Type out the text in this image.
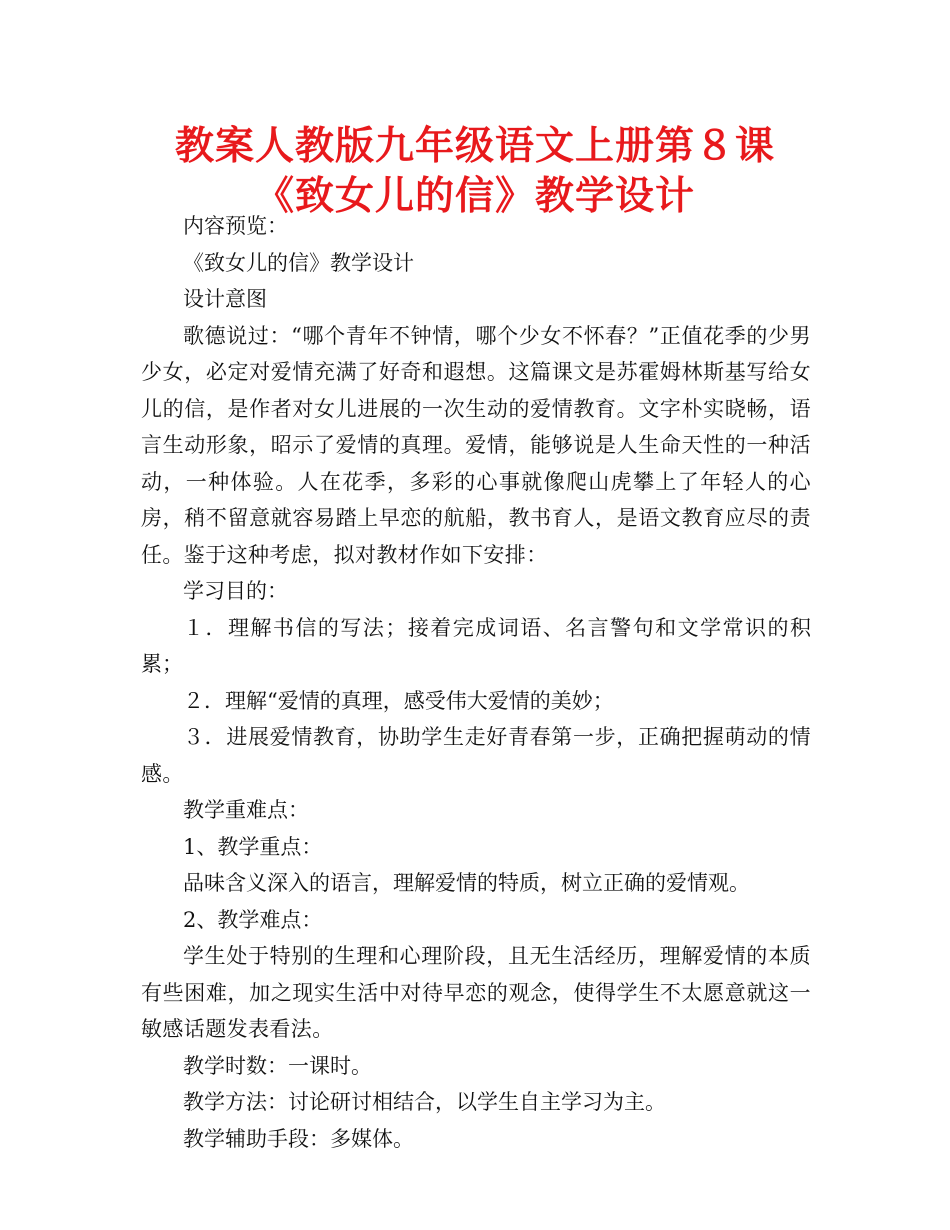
教案人教版九年级语文上册第８课《致女儿的信》教学设计

内容预览：

《致女儿的信》教学设计

设计意图

歌德说过：“哪个青年不钟情，哪个少女不怀春？”正值花季的少男少女，必定对爱情充满了好奇和遐想。这篇课文是苏霍姆林斯基写给女儿的信，是作者对女儿进展的一次生动的爱情教育。文字朴实晓畅，语言生动形象，昭示了爱情的真理。爱情，能够说是人生命天性的一种活动，一种体验。人在花季，多彩的心事就像爬山虎攀上了年轻人的心房，稍不留意就容易踏上早恋的航船，教书育人，是语文教育应尽的责任。鉴于这种考虑，拟对教材作如下安排：

学习目的：

１．理解书信的写法；接着完成词语、名言警句和文学常识的积累；

２．理解“爱情的真理，感受伟大爱情的美妙；

３．进展爱情教育，协助学生走好青春第一步，正确把握萌动的情感。

教学重难点：

1、教学重点：

品味含义深入的语言，理解爱情的特质，树立正确的爱情观。

2、教学难点：

学生处于特别的生理和心理阶段，且无生活经历，理解爱情的本质有些困难，加之现实生活中对待早恋的观念，使得学生不太愿意就这一敏感话题发表看法。

教学时数：一课时。

教学方法：讨论研讨相结合，以学生自主学习为主。

教学辅助手段：多媒体。
